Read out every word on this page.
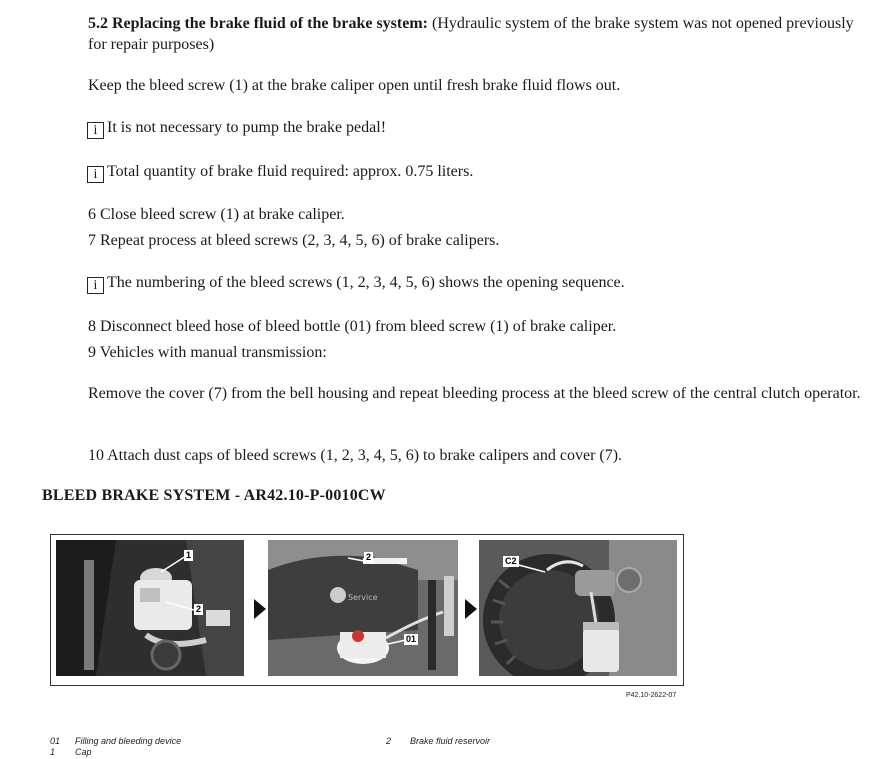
5.2 Replacing the brake fluid of the brake system: (Hydraulic system of the brake system was not opened previously for repair purposes)

Keep the bleed screw (1) at the brake caliper open until fresh brake fluid flows out.

i It is not necessary to pump the brake pedal!
i Total quantity of brake fluid required: approx. 0.75 liters.

6 Close bleed screw (1) at brake caliper.

7 Repeat process at bleed screws (2, 3, 4, 5, 6) of brake calipers.

i The numbering of the bleed screws (1, 2, 3, 4, 5, 6) shows the opening sequence.

8 Disconnect bleed hose of bleed bottle (01) from bleed screw (1) of brake caliper.

9 Vehicles with manual transmission:

Remove the cover (7) from the bell housing and repeat bleeding process at the bleed screw of the central clutch operator.

10 Attach dust caps of bleed screws (1, 2, 3, 4, 5, 6) to brake calipers and cover (7).

BLEED BRAKE SYSTEM - AR42.10-P-0010CW
1
2
Service
2
01
C2
P42.10-2622-07
01 Filling and bleeding device
1 Cap
2 Brake fluid reservoir
